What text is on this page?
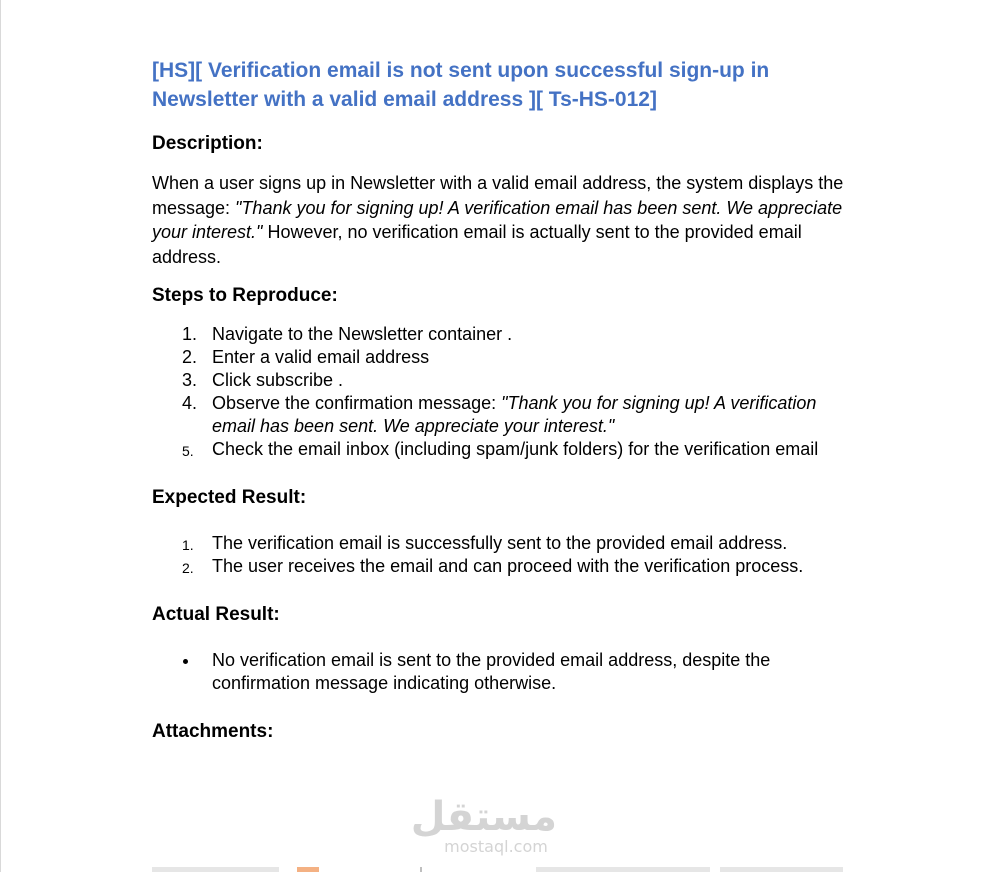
[HS][ Verification email is not sent upon successful sign-up in Newsletter with a valid email address ][ Ts-HS-012]
Description:

When a user signs up in Newsletter with a valid email address, the system displays the message: "Thank you for signing up! A verification email has been sent. We appreciate your interest." However, no verification email is actually sent to the provided email address.

Steps to Reproduce:
1. Navigate to the Newsletter container .
2. Enter a valid email address
3. Click subscribe .
4. Observe the confirmation message: "Thank you for signing up! A verification email has been sent. We appreciate your interest."
5. Check the email inbox (including spam/junk folders) for the verification email
Expected Result:
1. The verification email is successfully sent to the provided email address.
2. The user receives the email and can proceed with the verification process.
Actual Result:
No verification email is sent to the provided email address, despite the confirmation message indicating otherwise.
Attachments:
مستقل
mostaql.com
